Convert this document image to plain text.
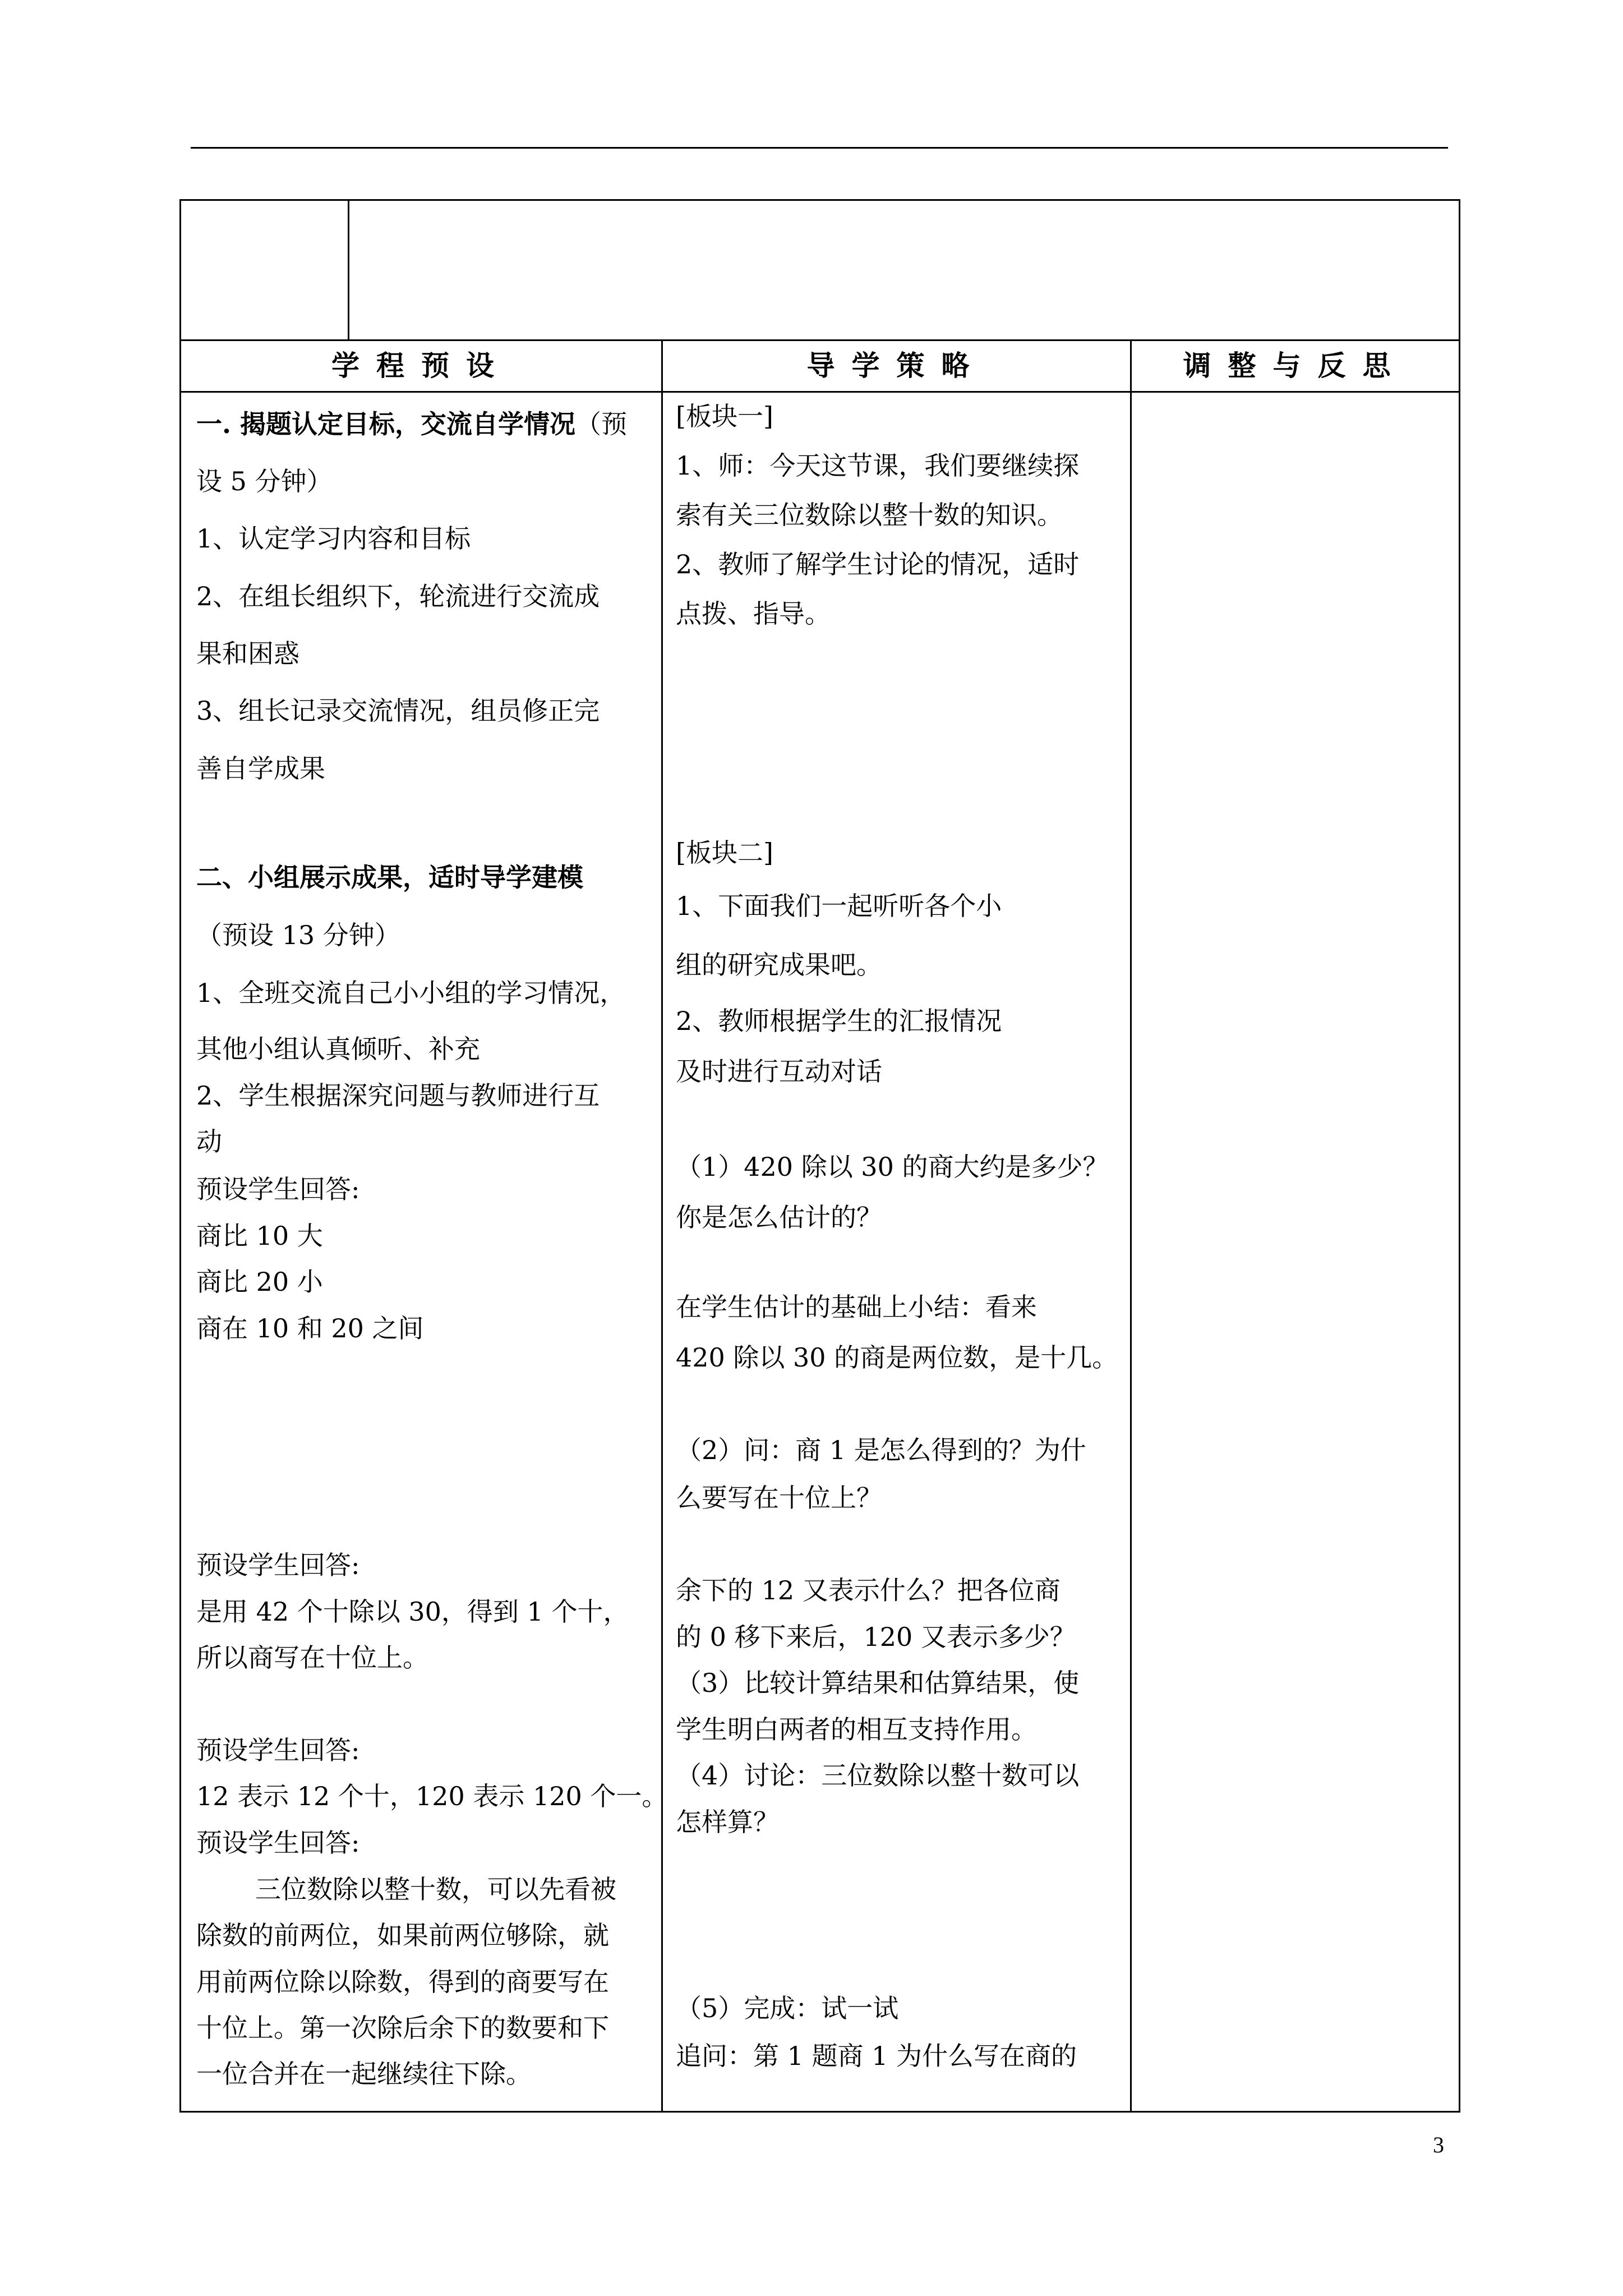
学程预设	导学策略	调整与反思
一. 揭题认定目标，交流自学情况（预
设 5 分钟）
1、认定学习内容和目标
2、在组长组织下，轮流进行交流成
果和困惑
3、组长记录交流情况，组员修正完
善自学成果
二、小组展示成果，适时导学建模
（预设 13 分钟）
1、全班交流自己小小组的学习情况，
其他小组认真倾听、补充
2、学生根据深究问题与教师进行互
动
预设学生回答:
商比 10 大
商比 20 小
商在 10 和 20 之间
预设学生回答:
是用 42 个十除以 30，得到 1 个十，
所以商写在十位上。
预设学生回答:
12 表示 12 个十，120 表示 120 个一。
预设学生回答:
三位数除以整十数，可以先看被
除数的前两位，如果前两位够除，就
用前两位除以除数，得到的商要写在
十位上。第一次除后余下的数要和下
一位合并在一起继续往下除。
[板块一]
1、师：今天这节课，我们要继续探
索有关三位数除以整十数的知识。
2、教师了解学生讨论的情况，适时
点拨、指导。
[板块二]
1、下面我们一起听听各个小
组的研究成果吧。
2、教师根据学生的汇报情况
及时进行互动对话
（1）420 除以 30 的商大约是多少？
你是怎么估计的？
在学生估计的基础上小结：看来
420 除以 30 的商是两位数，是十几。
（2）问：商 1 是怎么得到的？为什
么要写在十位上？
余下的 12 又表示什么？把各位商
的 0 移下来后，120 又表示多少？
（3）比较计算结果和估算结果，使
学生明白两者的相互支持作用。
（4）讨论：三位数除以整十数可以
怎样算？
（5）完成：试一试
追问：第 1 题商 1 为什么写在商的
3
